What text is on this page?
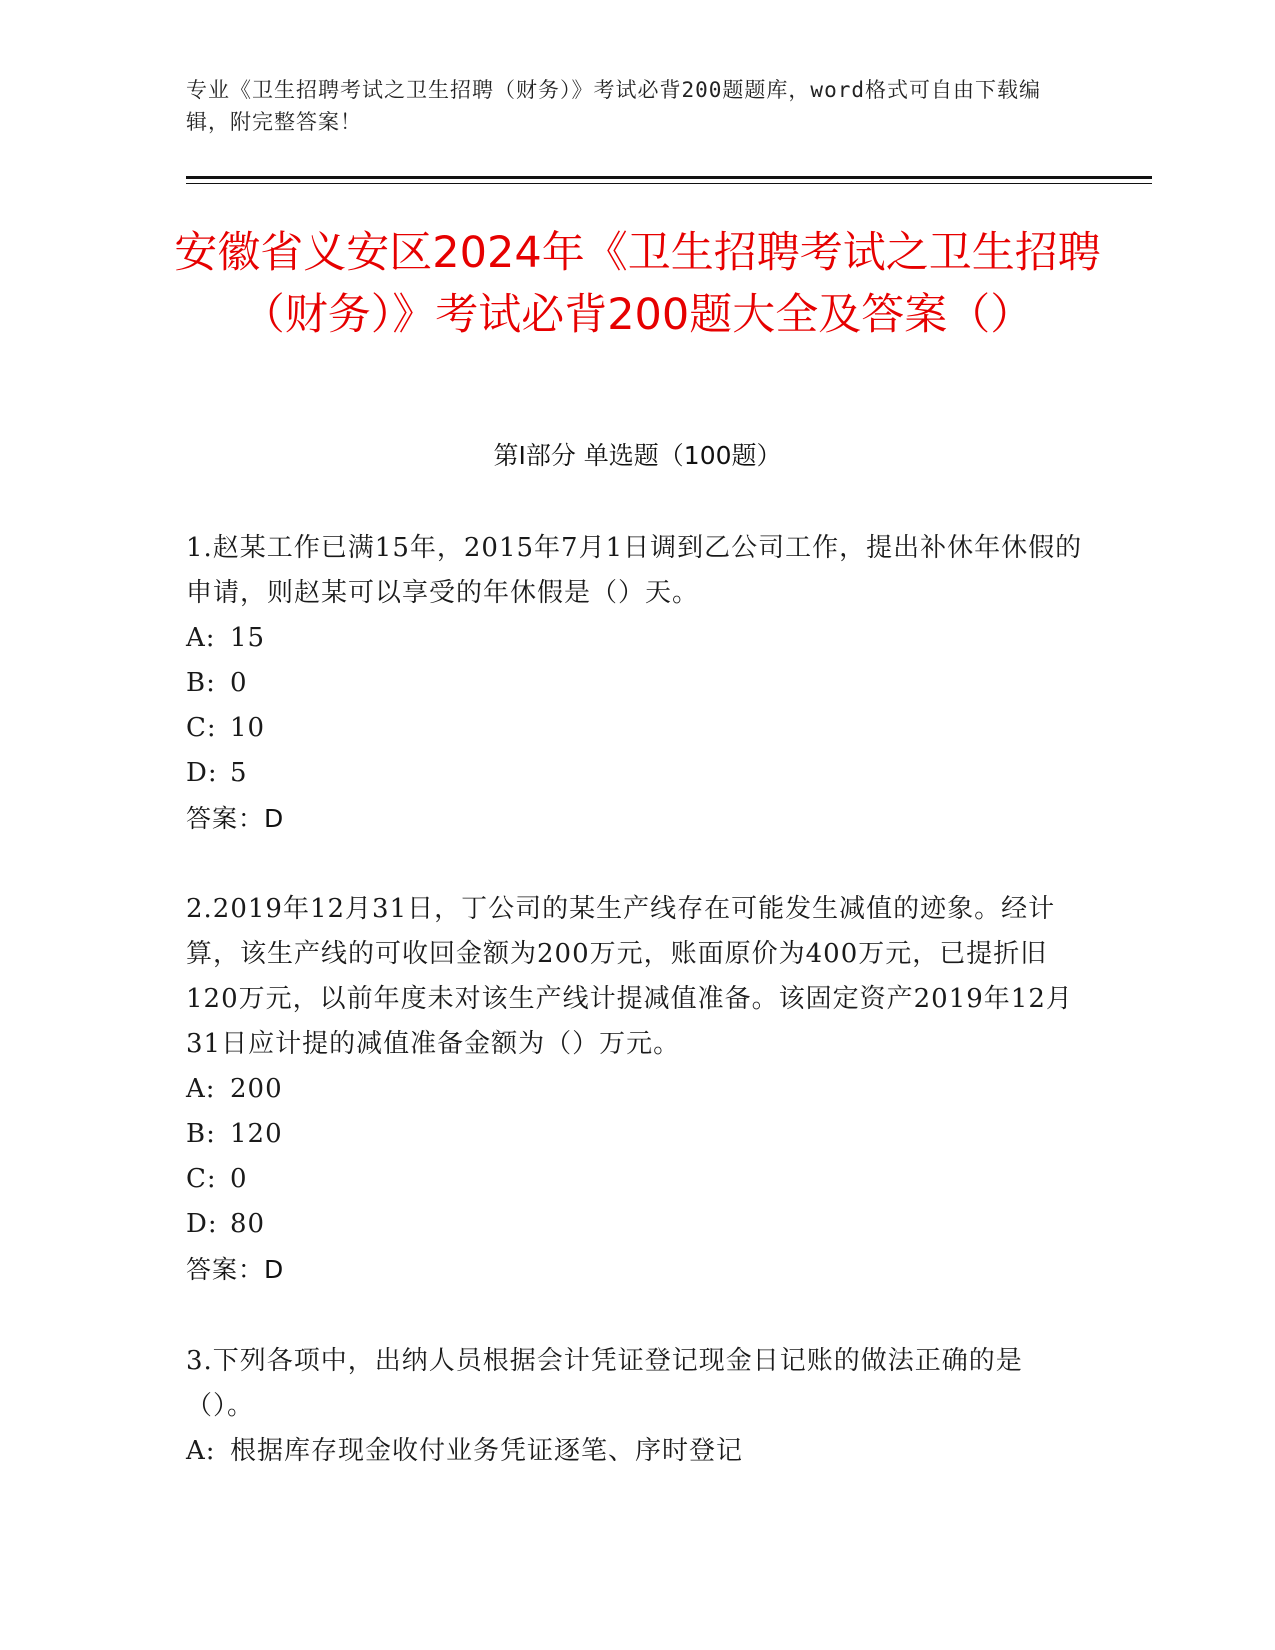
专业《卫生招聘考试之卫生招聘（财务）》考试必背200题题库，word格式可自由下载编辑，附完整答案！
安徽省义安区2024年《卫生招聘考试之卫生招聘（财务）》考试必背200题大全及答案（）
第Ⅰ部分 单选题（100题）
1.赵某工作已满15年，2015年7月1日调到乙公司工作，提出补休年休假的申请，则赵某可以享受的年休假是（）天。
A: 15
B: 0
C: 10
D: 5
答案：D
2.2019年12月31日，丁公司的某生产线存在可能发生减值的迹象。经计算，该生产线的可收回金额为200万元，账面原价为400万元，已提折旧120万元，以前年度未对该生产线计提减值准备。该固定资产2019年12月31日应计提的减值准备金额为（）万元。
A: 200
B: 120
C: 0
D: 80
答案：D
3.下列各项中，出纳人员根据会计凭证登记现金日记账的做法正确的是（）。
A: 根据库存现金收付业务凭证逐笔、序时登记
